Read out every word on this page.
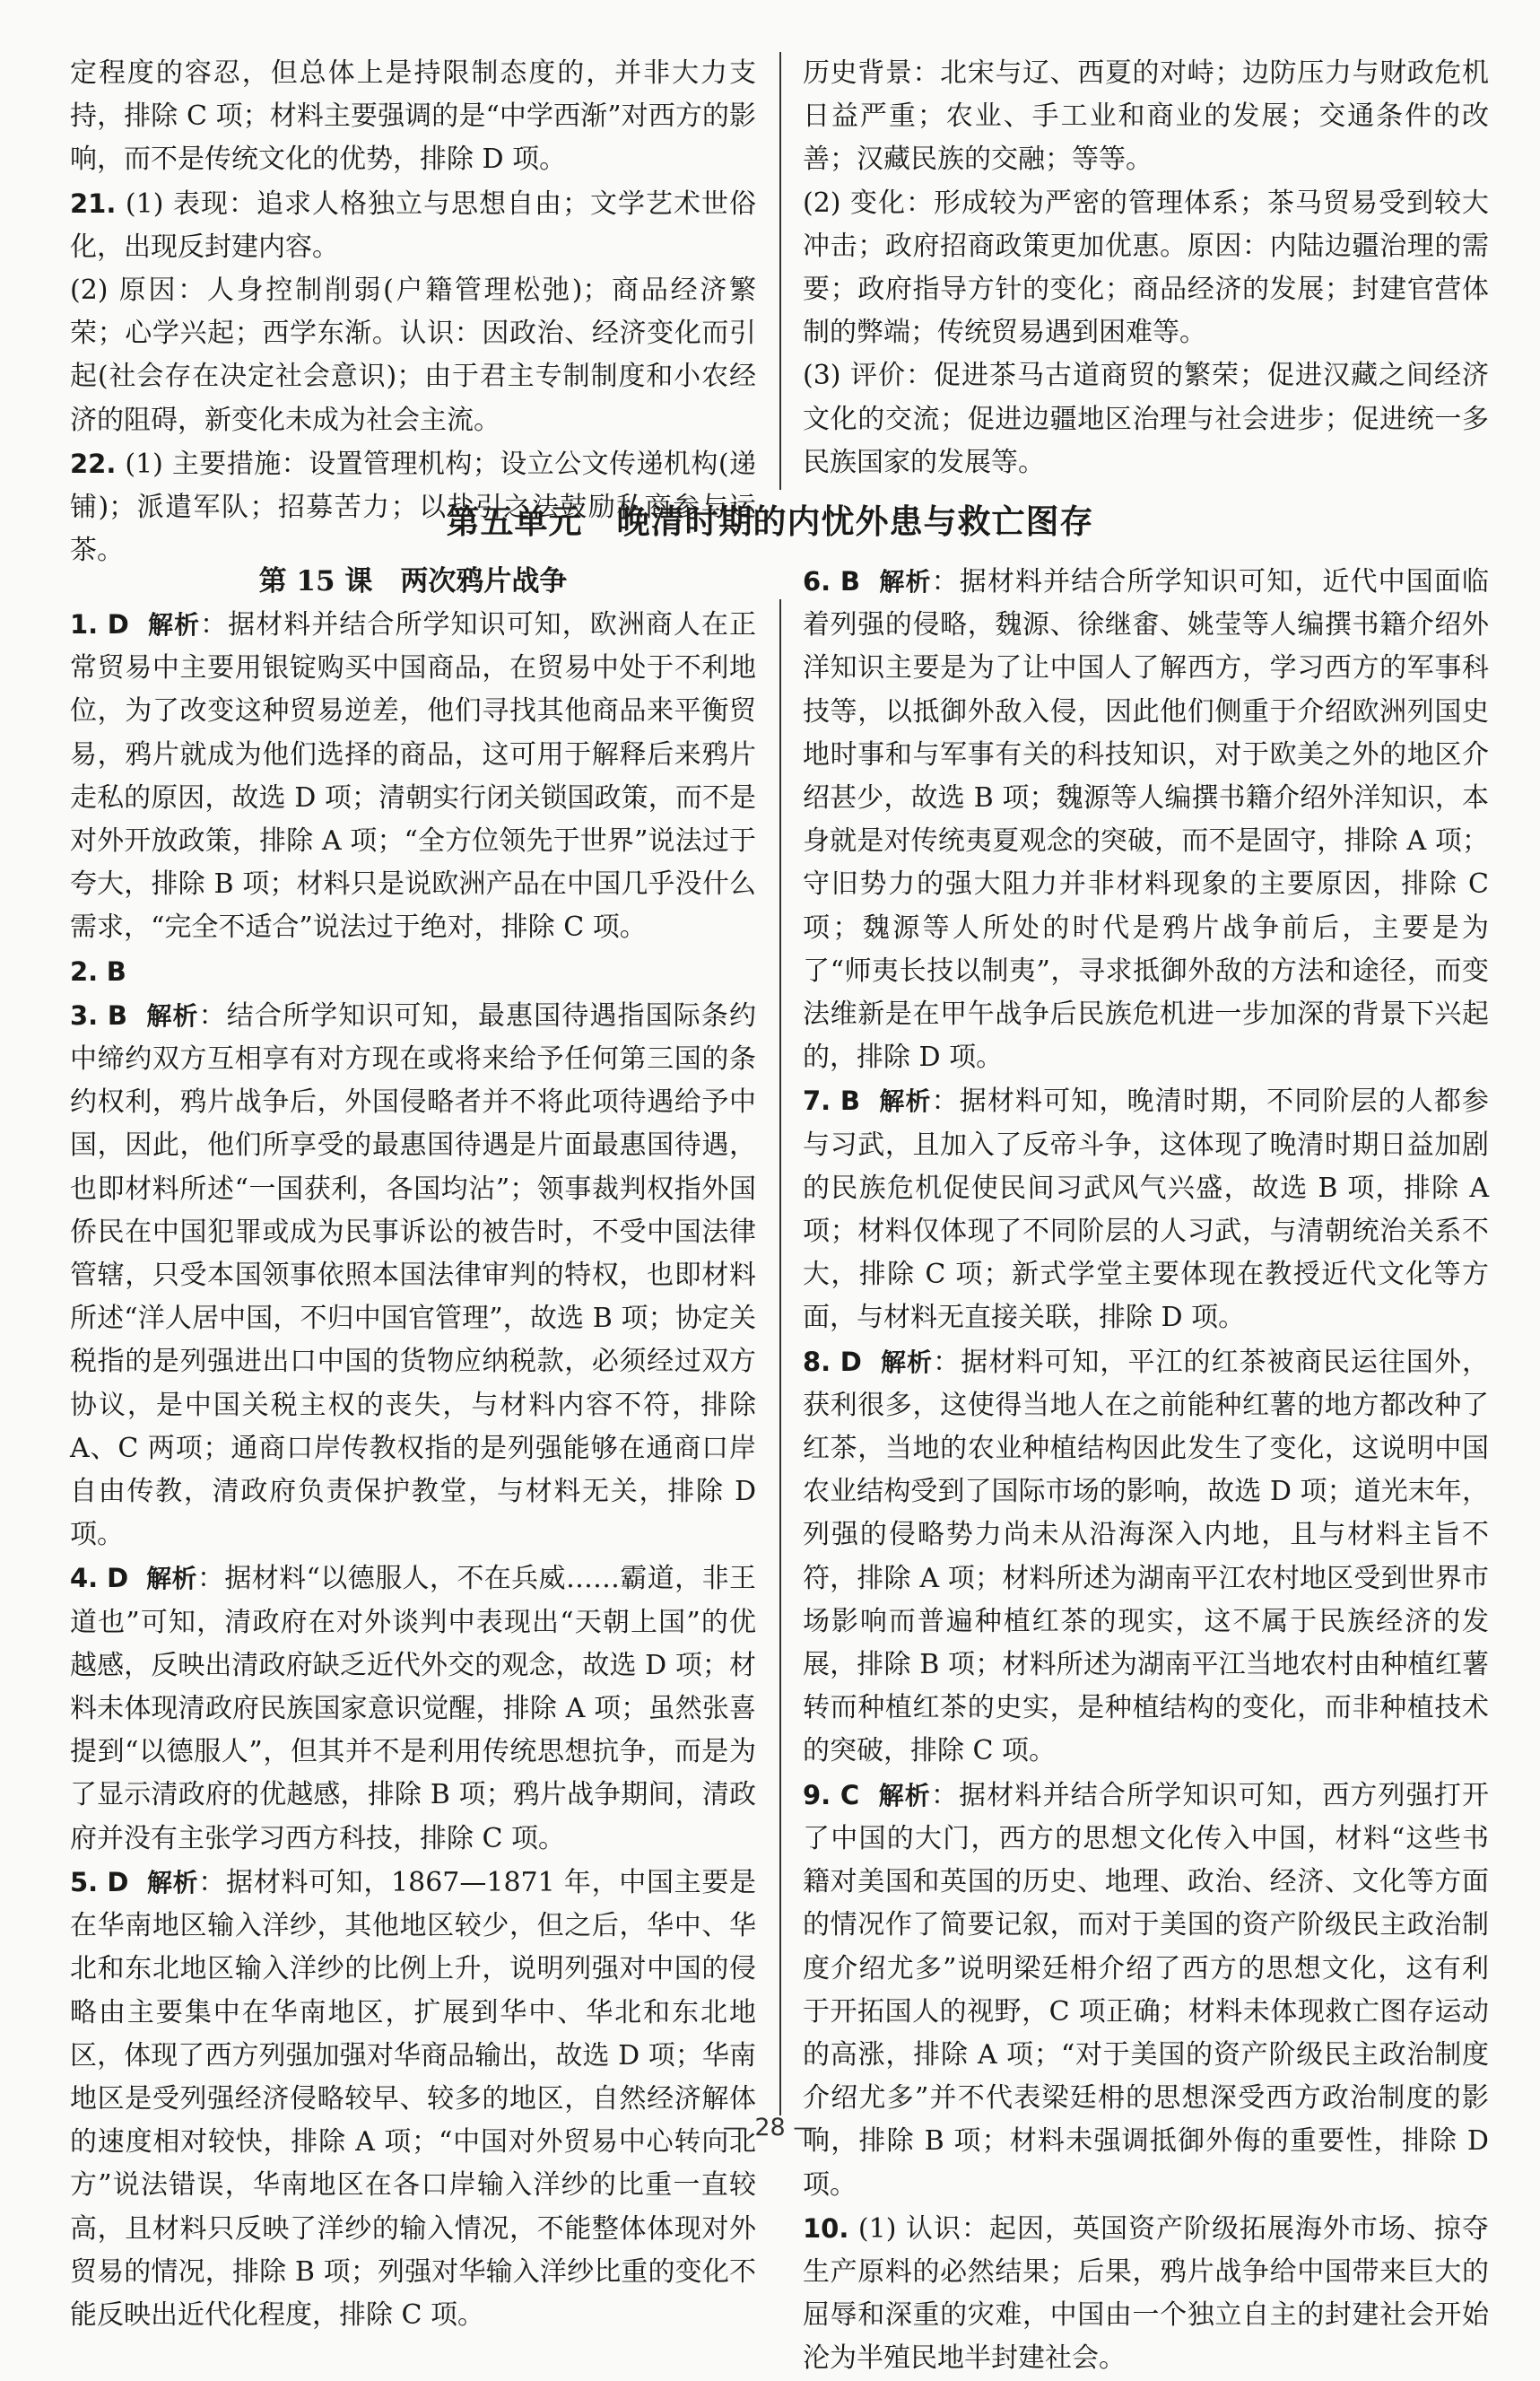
定程度的容忍，但总体上是持限制态度的，并非大力支持，排除 C 项；材料主要强调的是“中学西渐”对西方的影响，而不是传统文化的优势，排除 D 项。

21. (1) 表现：追求人格独立与思想自由；文学艺术世俗化，出现反封建内容。

(2) 原因：人身控制削弱(户籍管理松弛)；商品经济繁荣；心学兴起；西学东渐。认识：因政治、经济变化而引起(社会存在决定社会意识)；由于君主专制制度和小农经济的阻碍，新变化未成为社会主流。

22. (1) 主要措施：设置管理机构；设立公文传递机构(递铺)；派遣军队；招募苦力；以盐引之法鼓励私商参与运茶。

历史背景：北宋与辽、西夏的对峙；边防压力与财政危机日益严重；农业、手工业和商业的发展；交通条件的改善；汉藏民族的交融；等等。

(2) 变化：形成较为严密的管理体系；茶马贸易受到较大冲击；政府招商政策更加优惠。原因：内陆边疆治理的需要；政府指导方针的变化；商品经济的发展；封建官营体制的弊端；传统贸易遇到困难等。

(3) 评价：促进茶马古道商贸的繁荣；促进汉藏之间经济文化的交流；促进边疆地区治理与社会进步；促进统一多民族国家的发展等。

第五单元　晚清时期的内忧外患与救亡图存
第 15 课　两次鸦片战争

1. D 解析：据材料并结合所学知识可知，欧洲商人在正常贸易中主要用银锭购买中国商品，在贸易中处于不利地位，为了改变这种贸易逆差，他们寻找其他商品来平衡贸易，鸦片就成为他们选择的商品，这可用于解释后来鸦片走私的原因，故选 D 项；清朝实行闭关锁国政策，而不是对外开放政策，排除 A 项；“全方位领先于世界”说法过于夸大，排除 B 项；材料只是说欧洲产品在中国几乎没什么需求，“完全不适合”说法过于绝对，排除 C 项。

2. B

3. B 解析：结合所学知识可知，最惠国待遇指国际条约中缔约双方互相享有对方现在或将来给予任何第三国的条约权利，鸦片战争后，外国侵略者并不将此项待遇给予中国，因此，他们所享受的最惠国待遇是片面最惠国待遇，也即材料所述“一国获利，各国均沾”；领事裁判权指外国侨民在中国犯罪或成为民事诉讼的被告时，不受中国法律管辖，只受本国领事依照本国法律审判的特权，也即材料所述“洋人居中国，不归中国官管理”，故选 B 项；协定关税指的是列强进出口中国的货物应纳税款，必须经过双方协议，是中国关税主权的丧失，与材料内容不符，排除 A、C 两项；通商口岸传教权指的是列强能够在通商口岸自由传教，清政府负责保护教堂，与材料无关，排除 D 项。

4. D 解析：据材料“以德服人，不在兵威……霸道，非王道也”可知，清政府在对外谈判中表现出“天朝上国”的优越感，反映出清政府缺乏近代外交的观念，故选 D 项；材料未体现清政府民族国家意识觉醒，排除 A 项；虽然张喜提到“以德服人”，但其并不是利用传统思想抗争，而是为了显示清政府的优越感，排除 B 项；鸦片战争期间，清政府并没有主张学习西方科技，排除 C 项。

5. D 解析：据材料可知，1867—1871 年，中国主要是在华南地区输入洋纱，其他地区较少，但之后，华中、华北和东北地区输入洋纱的比例上升，说明列强对中国的侵略由主要集中在华南地区，扩展到华中、华北和东北地区，体现了西方列强加强对华商品输出，故选 D 项；华南地区是受列强经济侵略较早、较多的地区，自然经济解体的速度相对较快，排除 A 项；“中国对外贸易中心转向北方”说法错误，华南地区在各口岸输入洋纱的比重一直较高，且材料只反映了洋纱的输入情况，不能整体体现对外贸易的情况，排除 B 项；列强对华输入洋纱比重的变化不能反映出近代化程度，排除 C 项。

6. B 解析：据材料并结合所学知识可知，近代中国面临着列强的侵略，魏源、徐继畬、姚莹等人编撰书籍介绍外洋知识主要是为了让中国人了解西方，学习西方的军事科技等，以抵御外敌入侵，因此他们侧重于介绍欧洲列国史地时事和与军事有关的科技知识，对于欧美之外的地区介绍甚少，故选 B 项；魏源等人编撰书籍介绍外洋知识，本身就是对传统夷夏观念的突破，而不是固守，排除 A 项；守旧势力的强大阻力并非材料现象的主要原因，排除 C 项；魏源等人所处的时代是鸦片战争前后，主要是为了“师夷长技以制夷”，寻求抵御外敌的方法和途径，而变法维新是在甲午战争后民族危机进一步加深的背景下兴起的，排除 D 项。

7. B 解析：据材料可知，晚清时期，不同阶层的人都参与习武，且加入了反帝斗争，这体现了晚清时期日益加剧的民族危机促使民间习武风气兴盛，故选 B 项，排除 A 项；材料仅体现了不同阶层的人习武，与清朝统治关系不大，排除 C 项；新式学堂主要体现在教授近代文化等方面，与材料无直接关联，排除 D 项。

8. D 解析：据材料可知，平江的红茶被商民运往国外，获利很多，这使得当地人在之前能种红薯的地方都改种了红茶，当地的农业种植结构因此发生了变化，这说明中国农业结构受到了国际市场的影响，故选 D 项；道光末年，列强的侵略势力尚未从沿海深入内地，且与材料主旨不符，排除 A 项；材料所述为湖南平江农村地区受到世界市场影响而普遍种植红茶的现实，这不属于民族经济的发展，排除 B 项；材料所述为湖南平江当地农村由种植红薯转而种植红茶的史实，是种植结构的变化，而非种植技术的突破，排除 C 项。

9. C 解析：据材料并结合所学知识可知，西方列强打开了中国的大门，西方的思想文化传入中国，材料“这些书籍对美国和英国的历史、地理、政治、经济、文化等方面的情况作了简要记叙，而对于美国的资产阶级民主政治制度介绍尤多”说明梁廷枏介绍了西方的思想文化，这有利于开拓国人的视野，C 项正确；材料未体现救亡图存运动的高涨，排除 A 项；“对于美国的资产阶级民主政治制度介绍尤多”并不代表梁廷枏的思想深受西方政治制度的影响，排除 B 项；材料未强调抵御外侮的重要性，排除 D 项。

10. (1) 认识：起因，英国资产阶级拓展海外市场、掠夺生产原料的必然结果；后果，鸦片战争给中国带来巨大的屈辱和深重的灾难，中国由一个独立自主的封建社会开始沦为半殖民地半封建社会。

— 28 —
